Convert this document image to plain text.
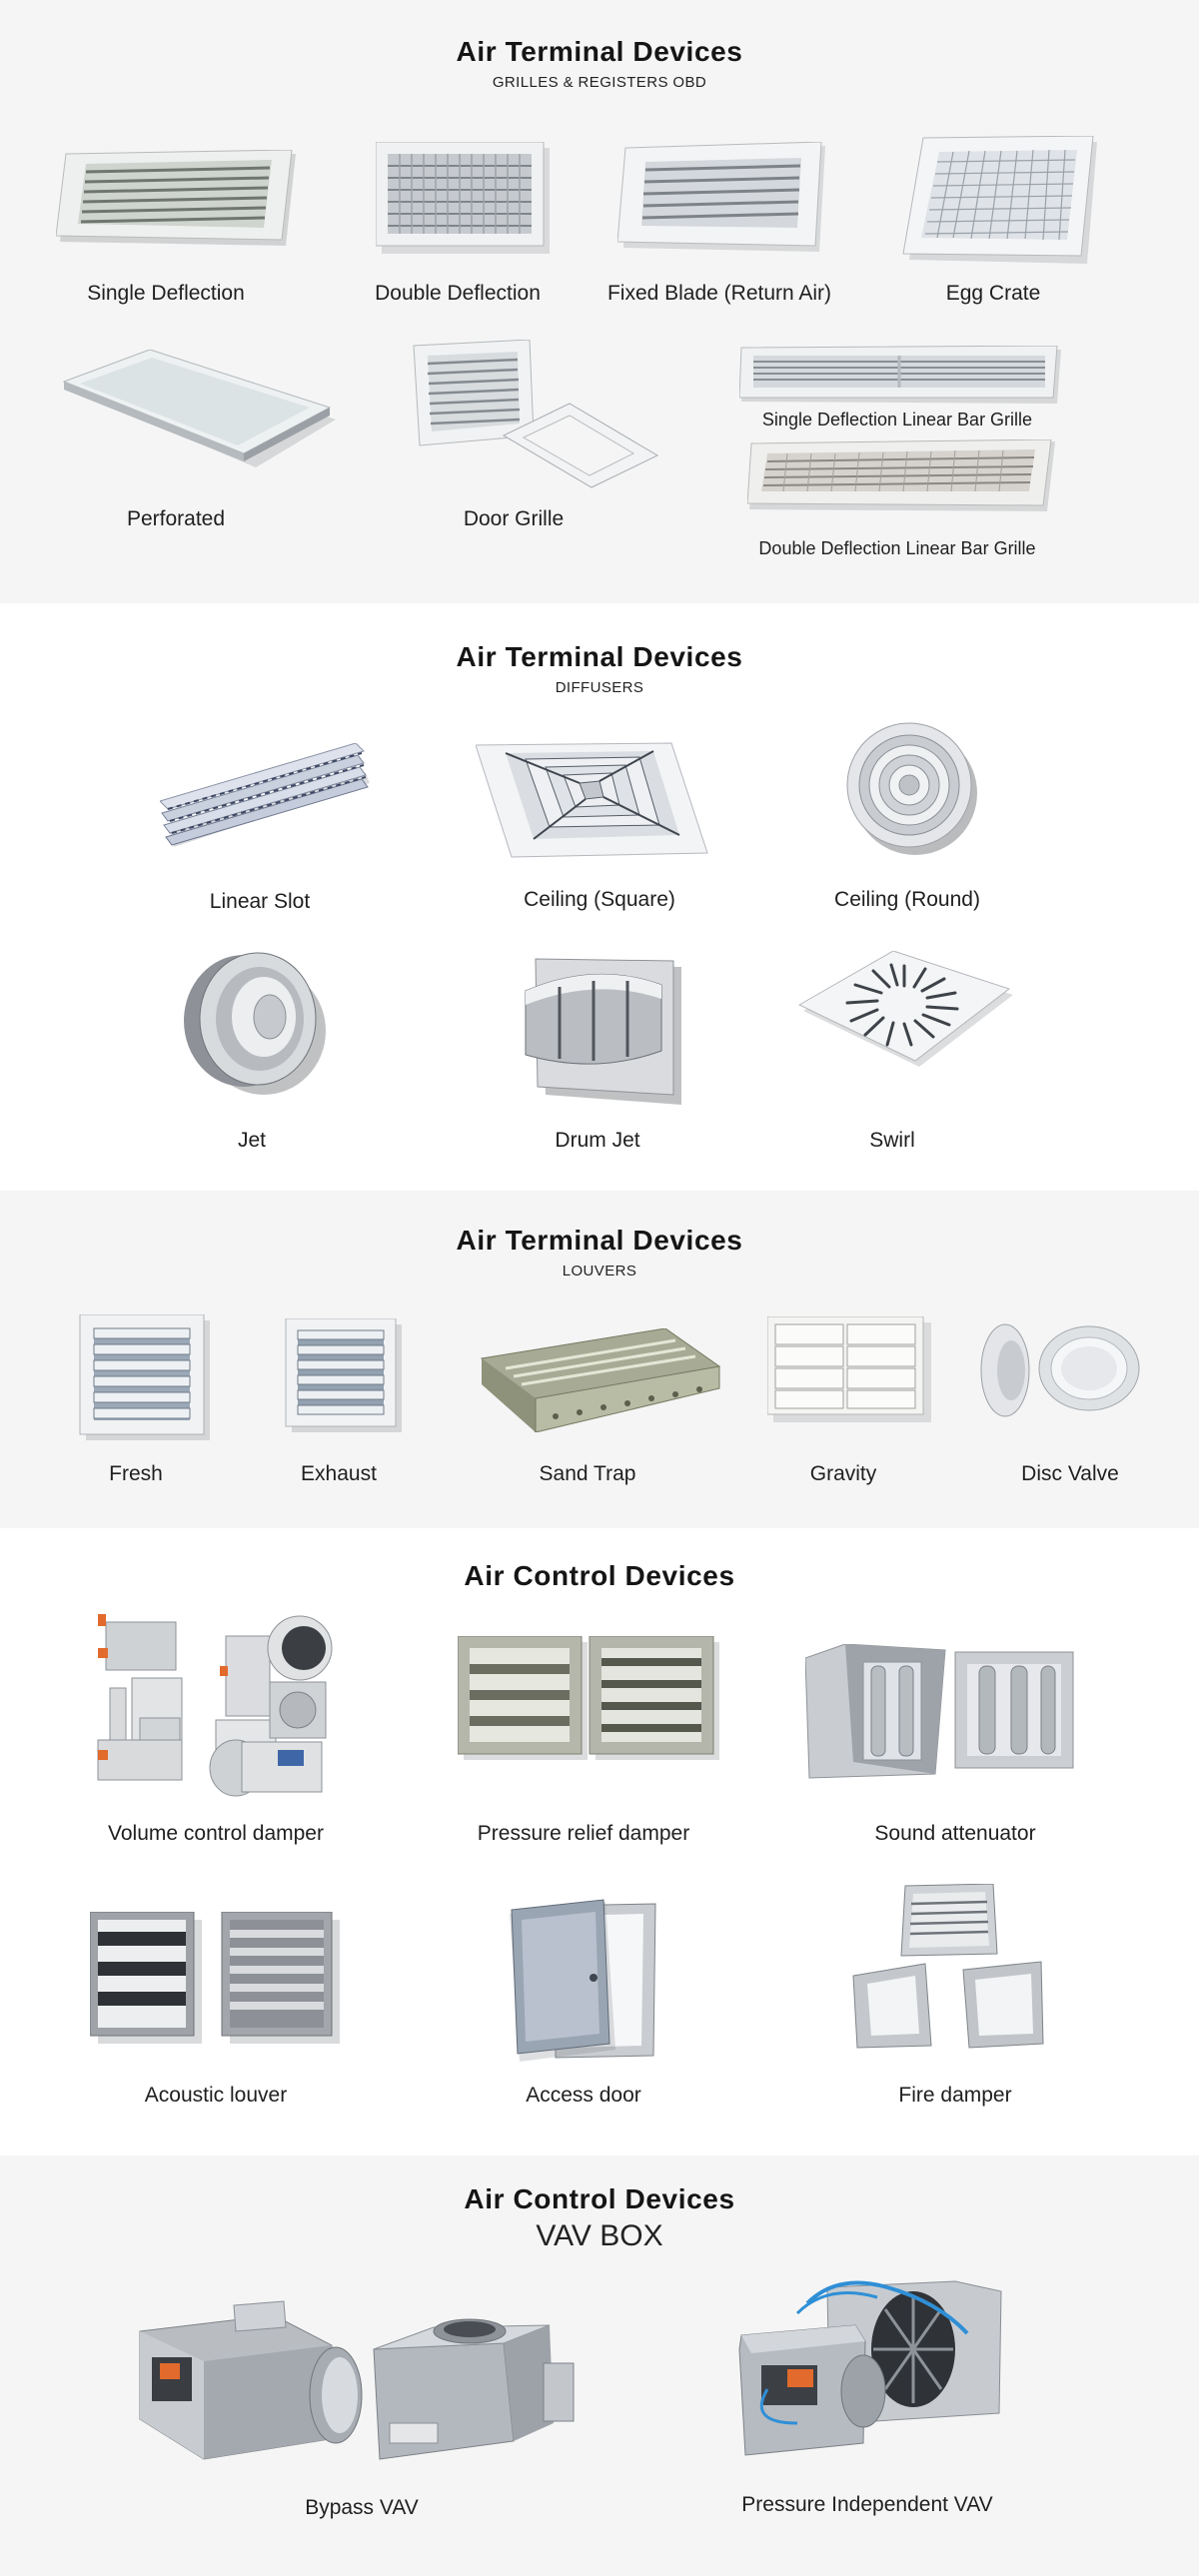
Air Terminal Devices
GRILLES & REGISTERS OBD
Single Deflection	Double Deflection	Fixed Blade (Return Air)	Egg Crate
Perforated	Door Grille
Single Deflection Linear Bar Grille
Double Deflection Linear Bar Grille
Air Terminal Devices
DIFFUSERS
Linear Slot	Ceiling (Square)	Ceiling (Round)
Jet	Drum Jet	Swirl
Air Terminal Devices
LOUVERS
Fresh	Exhaust	Sand Trap	Gravity	Disc Valve
Air Control Devices
Volume control damper	Pressure relief damper	Sound attenuator
Acoustic louver	Access door	Fire damper
Air Control Devices
VAV BOX
Bypass VAV	Pressure Independent VAV
